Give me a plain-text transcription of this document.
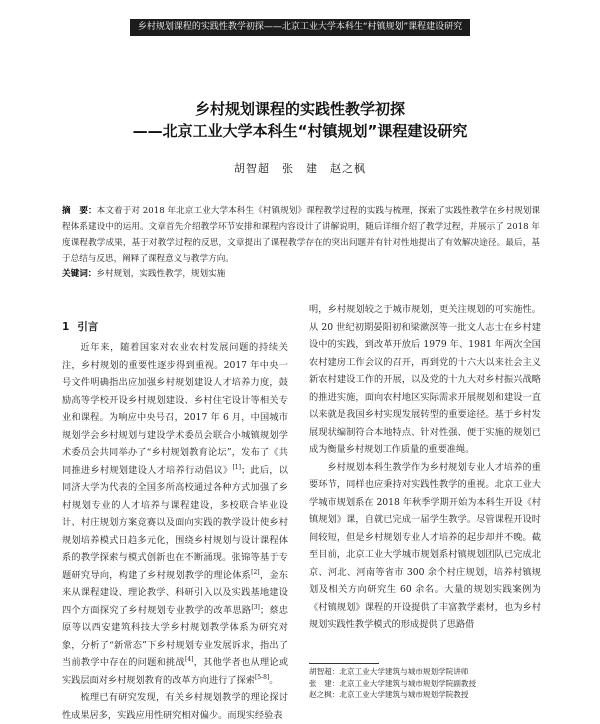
乡村规划课程的实践性教学初探——北京工业大学本科生“村镇规划”课程建设研究
乡村规划课程的实践性教学初探
——北京工业大学本科生“村镇规划”课程建设研究
胡智超　张　建　赵之枫
摘　要：本文着于对 2018 年北京工业大学本科生《村镇规划》课程教学过程的实践与梳理，探索了实践性教学在乡村规划课程体系建设中的运用。文章首先介绍教学环节安排和课程内容设计了讲解说明，随后详细介绍了教学过程，并展示了 2018 年度课程教学成果，基于对教学过程的反思，文章提出了课程教学存在的突出问题并有针对性地提出了有效解决途径。最后，基于总结与反思，阐释了课程意义与教学方向。
关键词：乡村规划，实践性教学，规划实施
1 引言

近年来，随着国家对农业农村发展问题的持续关注，乡村规划的重要性逐步得到重视。2017 年中央一号文件明确指出应加强乡村规划建设人才培养力度，鼓励高等学校开设乡村规划建设、乡村住宅设计等相关专业和课程。为响应中央号召，2017 年 6 月，中国城市规划学会乡村规划与建设学术委员会联合小城镇规划学术委员会共同举办了“乡村规划教育论坛”，发布了《共同推进乡村规划建设人才培养行动倡议》[1]；此后，以同济大学为代表的全国多所高校通过各种方式加强了乡村规划专业的人才培养与课程建设，多校联合毕业设计、村庄规划方案竞赛以及面向实践的教学设计使乡村规划培养模式日趋多元化，围绕乡村规划与设计课程体系的教学探索与模式创新也在不断涌现。张锦等基于专题研究导向，构建了乡村规划教学的理论体系[2]，金东来从课程建设、理论教学、科研引入以及实践基地建设四个方面探究了乡村规划专业教学的改革思路[3]；蔡忠原等以西安建筑科技大学乡村规划教学体系为研究对象，分析了“新常态”下乡村规划专业发展诉求，指出了当前教学中存在的问题和挑战[4]，其他学者也从理论或实践层面对乡村规划教育的改革方向进行了探索[5-8]。

梳理已有研究发现，有关乡村规划教学的理论探讨性成果居多，实践应用性研究相对偏少。而现实经验表

明，乡村规划较之于城市规划，更关注规划的可实施性。从 20 世纪初期晏阳初和梁漱溟等一批文人志士在乡村建设中的实践，到改革开放后 1979 年、1981 年两次全国农村建房工作会议的召开，再到党的十六大以来社会主义新农村建设工作的开展，以及党的十九大对乡村振兴战略的推进实施，面向农村地区实际需求开展规划和建设一直以来就是我国乡村实现发展转型的重要途径。基于乡村发展现状编制符合本地特点、针对性强、便于实施的规划已成为衡量乡村规划工作质量的重要准绳。

乡村规划本科生教学作为乡村规划专业人才培养的重要环节，同样也应秉持对实践性教学的重视。北京工业大学城市规划系在 2018 年秋季学期开始为本科生开设《村镇规划》课，自就已完成一届学生教学。尽管课程开设时间较短，但是乡村规划专业人才培养的起步却并不晚。截至目前，北京工业大学城市规划系村镇规划团队已完成北京、河北、河南等省市 300 余个村庄规划，培养村镇规划及相关方向研究生 60 余名。大量的规划实践案例为《村镇规划》课程的开设提供了丰富教学素材，也为乡村规划实践性教学模式的形成提供了思路借

胡智超：北京工业大学建筑与城市规划学院讲师
张　建：北京工业大学建筑与城市规划学院副教授
赵之枫：北京工业大学建筑与城市规划学院教授
